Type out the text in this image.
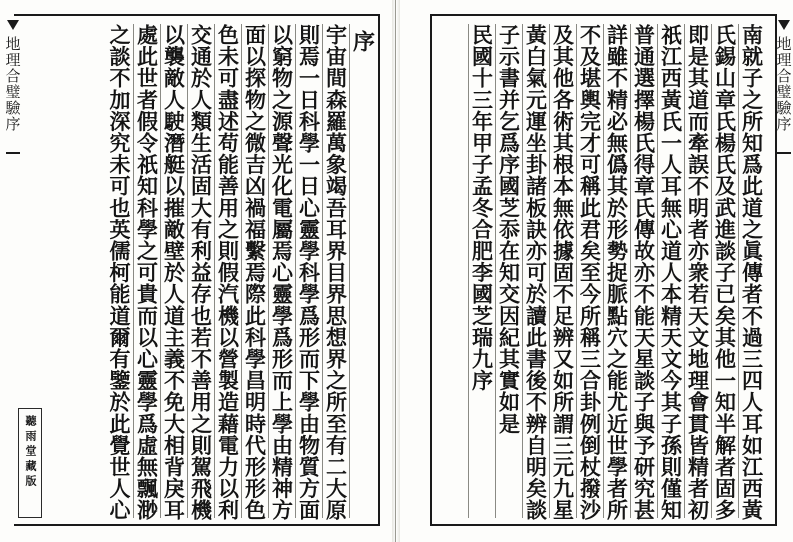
地理合璧驗序	序
宇宙間森羅萬象竭吾耳界目界思想界之所至有二大原
則焉一日科學一日心靈學科學爲形而下學由物質方面
以窮物之源聲光化電屬焉心靈學爲形而上學由精神方
面以探物之微吉凶禍福繫焉際此科學昌明時代形形色
色未可盡述苟能善用之則假汽機以營製造藉電力以利
交通於人類生活固大有利益存也若不善用之則駕飛機
以襲敵人駛潛艇以摧敵壁於人道主義不免大相背戾耳
處此世者假令祇知科學之可貴而以心靈學爲虛無飄渺
之談不加深究未可也英儒柯能道爾有鑒於此覺世人心
聽雨堂藏版	南就子之所知爲此道之眞傳者不過三四人耳如江西黃
氏錫山章氏楊氏及武進談子已矣其他一知半解者固多
即是其道而牽誤不明者亦衆若天文地理會貫皆精者初
祇江西黃氏一人耳無心道人本精天文今其子孫則僅知
普通選擇楊氏得章氏傳故亦不能天星談子與予研究甚
詳雖不精必無僞其於形勢捉脈點穴之能尤近世學者所
不及堪輿完才可稱此君矣至今所稱三合卦例倒杖撥沙
及其他各術其根本無依據固不足辨又如所謂三元九星
黃白氣元運坐卦諸板訣亦可於讀此書後不辨自明矣談
子示書并乞爲序國芝忝在知交因紀其實如是
民國十三年甲子孟冬合肥李國芝瑞九序	地理合璧驗序
